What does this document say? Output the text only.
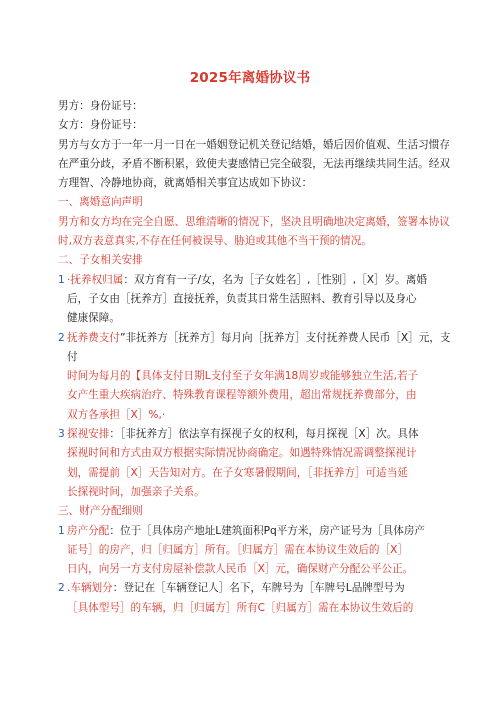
2025年离婚协议书

男方：身份证号：

女方：身份证号：

男方与女方于一年一月一日在一婚姻登记机关登记结婚，婚后因价值观、生活习惯存在严重分歧，矛盾不断积累，致使夫妻感情已完全破裂，无法再继续共同生活。经双方理智、冷静地协商，就离婚相关事宜达成如下协议：

一、离婚意向声明

男方和女方均在完全自愿、思维清晰的情况下，坚决且明确地决定离婚，签署本协议时,双方表意真实,不存在任何被误导、胁迫或其他不当干预的情况。

二、子女相关安排

1 ·抚养权归属：双方育有一子/女，名为［子女姓名］,［性别］,［X］岁。离婚
后，子女由［抚养方］直接抚养，负责其日常生活照料、教育引导以及身心
健康保障。
2 抚养费支付”非抚养方［抚养方］每月向［抚养方］支付抚养费人民币［X］元，支付
时间为每月的【具体支付日期L支付至子女年满18周岁或能够独立生活,若子
女产生重大疾病治疗、特殊教育课程等额外费用，超出常规抚养费部分，由
双方各承担［X］%,·
3 探视安排：［非抚养方］依法享有探视子女的权利，每月探视［X］次。具体
探视时间和方式由双方根据实际情况协商确定。如遇特殊情况需调整探视计
划，需提前［X］天告知对方。在子女寒暑假期间，［非抚养方］可适当延
长探视时间，加强亲子关系。

三、财产分配细则

1 房产分配：位于［具体房产地址L建筑面积Pq平方米，房产证号为［具体房产
证号］的房产，归［归属方］所有。［归属方］需在本协议生效后的［X］
日内，向另一方支付房屋补偿款人民币［X］元，确保财产分配公平公正。
2 .车辆划分：登记在［车辆登记人］名下，车牌号为［车牌号L品牌型号为
［具体型号］的车辆，归［归属方］所有C［归属方］需在本协议生效后的
